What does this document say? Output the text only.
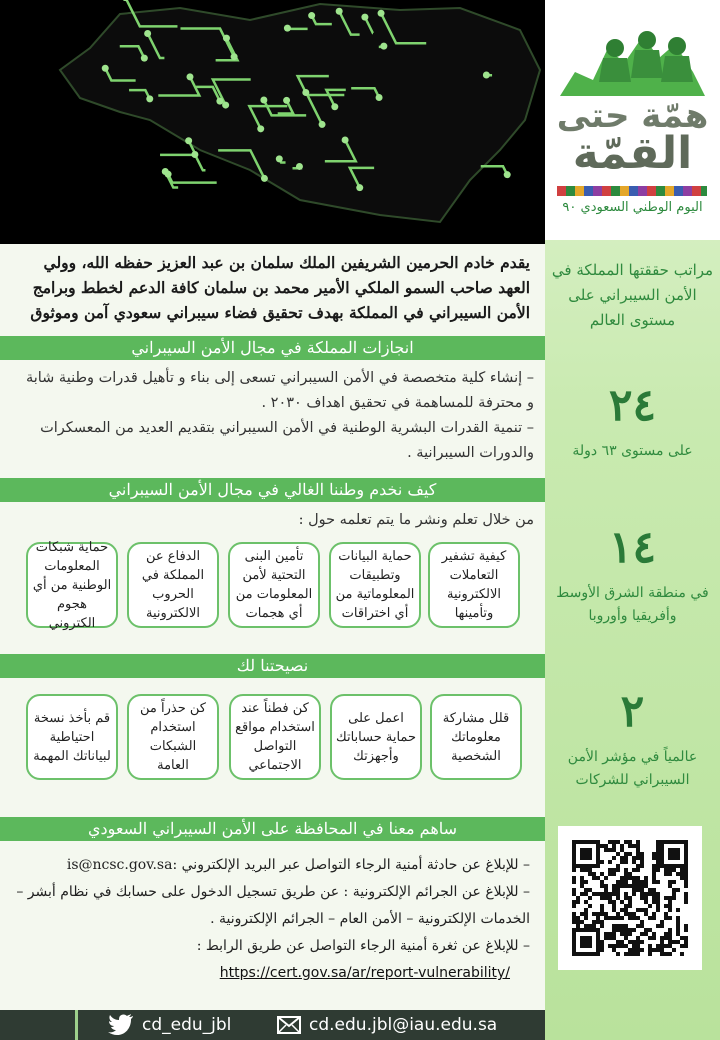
يقدم خادم الحرمين الشريفين الملك سلمان بن عبد العزيز حفظه الله، وولي العهد صاحب السمو الملكي الأمير محمد بن سلمان كافة الدعم لخطط وبرامج الأمن السيبراني في المملكة بهدف تحقيق فضاء سيبراني سعودي آمن وموثوق
انجازات المملكة في مجال الأمن السيبراني

– إنشاء كلية متخصصة في الأمن السيبراني تسعى إلى بناء و تأهيل قدرات وطنية شابة و محترفة للمساهمة في تحقيق اهداف ٢٠٣٠ .

– تنمية القدرات البشرية الوطنية في الأمن السيبراني بتقديم العديد من المعسكرات والدورات السيبرانية .

كيف نخدم وطننا الغالي في مجال الأمن السيبراني
من خلال تعلم ونشر ما يتم تعلمه حول :
كيفية تشفير التعاملات الالكترونية وتأمينها
حماية البيانات وتطبيقات المعلوماتية من أي اختراقات
تأمين البنى التحتية لأمن المعلومات من أي هجمات
الدفاع عن المملكة في الحروب الالكترونية
حماية شبكات المعلومات الوطنية من أي هجوم الكتروني
نصيحتنا لك
قلل مشاركة معلوماتك الشخصية
اعمل على حماية حساباتك وأجهزتك
كن فطناً عند استخدام مواقع التواصل الاجتماعي
كن حذراً من استخدام الشبكات العامة
قم بأخذ نسخة احتياطية لبياناتك المهمة
ساهم معنا في المحافظة على الأمن السيبراني السعودي

– للإبلاغ عن حادثة أمنية الرجاء التواصل عبر البريد الإلكتروني :is@ncsc.gov.sa

– للإبلاغ عن الجرائم الإلكترونية : عن طريق تسجيل الدخول على حسابك في نظام أبشر – الخدمات الإلكترونية – الأمن العام – الجرائم الإلكترونية .

– للإبلاغ عن ثغرة أمنية الرجاء التواصل عن طريق الرابط :

https://cert.gov.sa/ar/report-vulnerability/
cd_edu_jbl	cd.edu.jbl@iau.edu.sa
همّة حتى
القمّة
اليوم الوطني السعودي ٩٠
مراتب حققتها المملكة في الأمن السيبراني على مستوى العالم
٢٤
على مستوى ٦٣ دولة
١٤
في منطقة الشرق الأوسط وأفريقيا وأوروبا
٢
عالمياً في مؤشر الأمن السيبراني للشركات
